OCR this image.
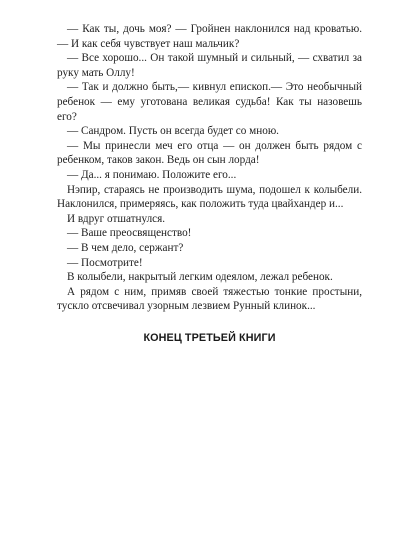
— Как ты, дочь моя? — Гройнен наклонился над кроватью.— И как себя чувствует наш мальчик?

— Все хорошо... Он такой шумный и сильный, — схватил за руку мать Оллу!

— Так и должно быть,— кивнул епископ.— Это необычный ребенок — ему уготована великая судьба! Как ты назовешь его?

— Сандром. Пусть он всегда будет со мною.

— Мы принесли меч его отца — он должен быть рядом с ребенком, таков закон. Ведь он сын лорда!

— Да... я понимаю. Положите его...

Нэпир, стараясь не производить шума, подошел к колыбели. Наклонился, примеряясь, как положить туда цвайхандер и...

И вдруг отшатнулся.

— Ваше преосвященство!

— В чем дело, сержант?

— Посмотрите!

В колыбели, накрытый легким одеялом, лежал ребенок.

А рядом с ним, примяв своей тяжестью тонкие простыни, тускло отсвечивал узорным лезвием Рунный клинок...

КОНЕЦ ТРЕТЬЕЙ КНИГИ
